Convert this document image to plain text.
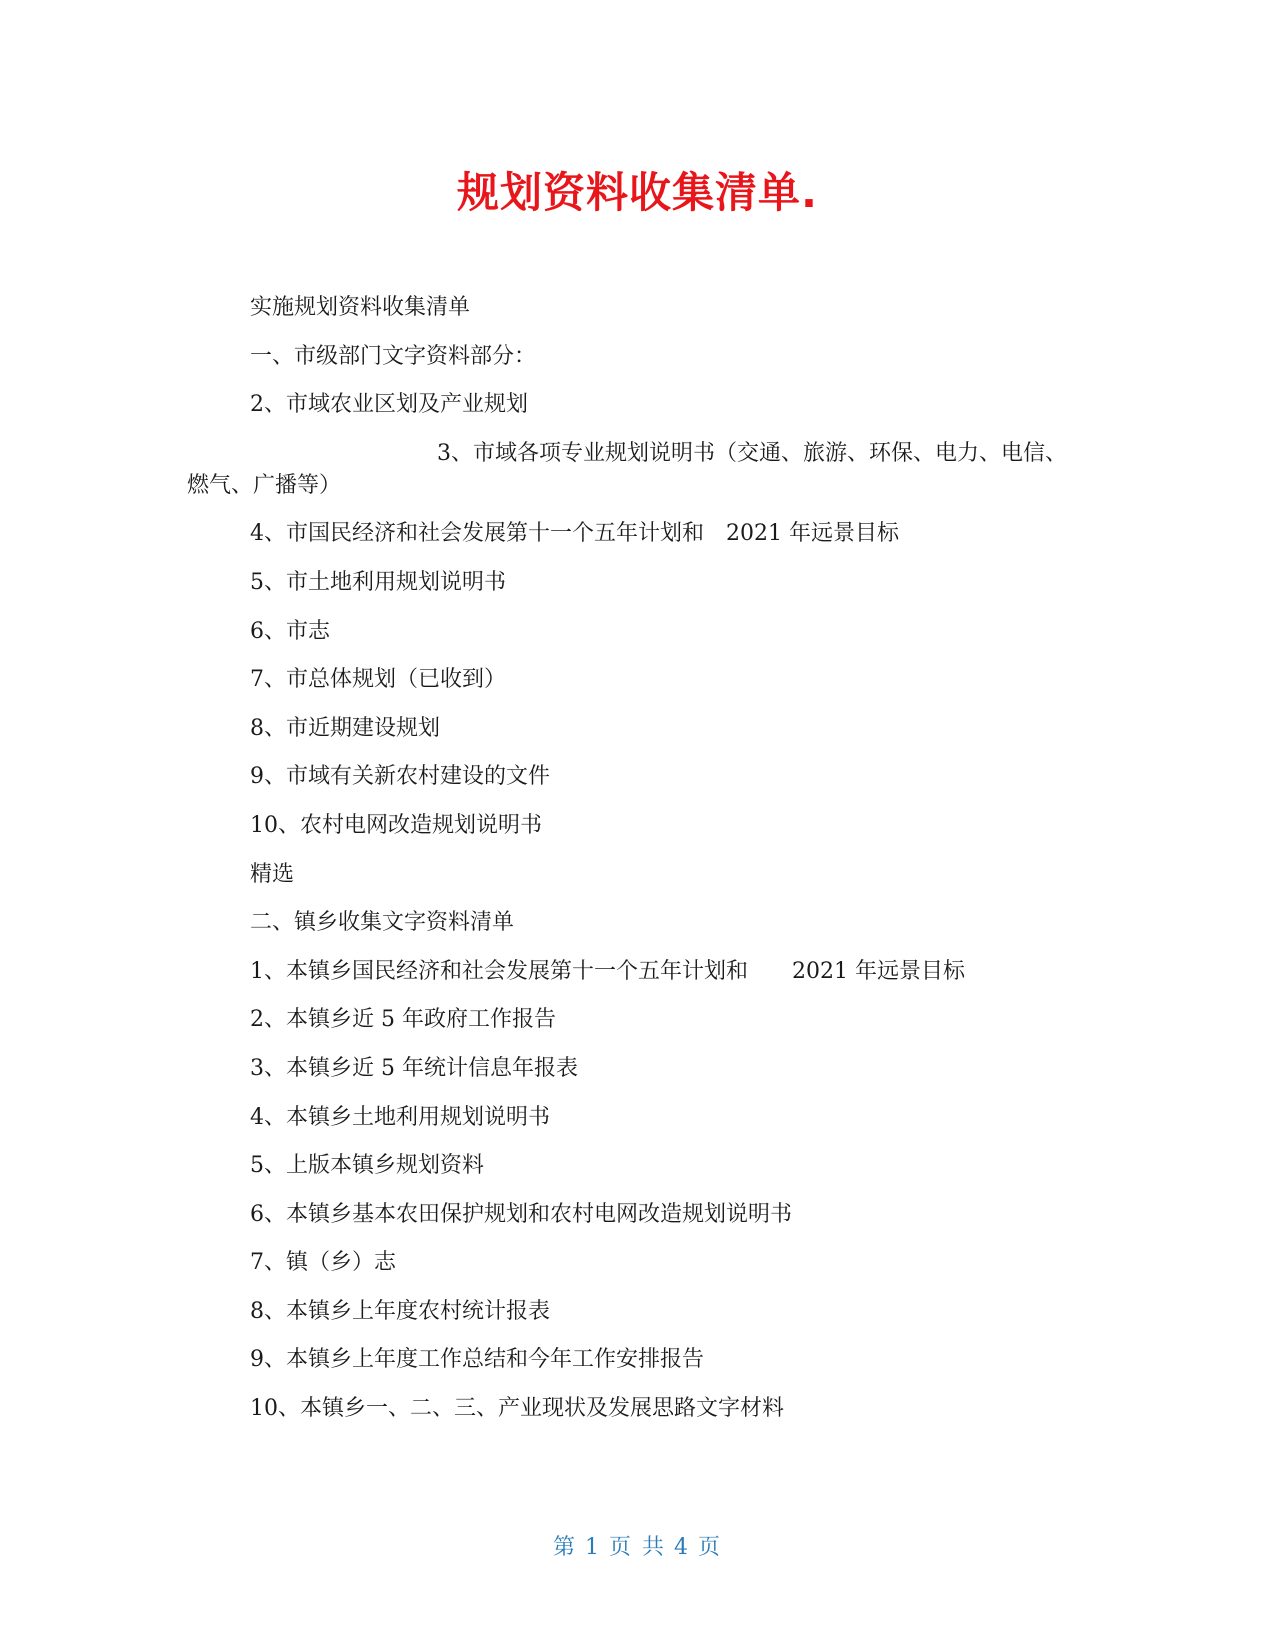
规划资料收集清单.
实施规划资料收集清单
一、市级部门文字资料部分：
2、市域农业区划及产业规划
3、市域各项专业规划说明书（交通、旅游、环保、电力、电信、燃气、广播等）
4、市国民经济和社会发展第十一个五年计划和　2021 年远景目标
5、市土地利用规划说明书
6、市志
7、市总体规划（已收到）
8、市近期建设规划
9、市域有关新农村建设的文件
10、农村电网改造规划说明书
精选
二、镇乡收集文字资料清单
1、本镇乡国民经济和社会发展第十一个五年计划和　　2021 年远景目标
2、本镇乡近 5 年政府工作报告
3、本镇乡近 5 年统计信息年报表
4、本镇乡土地利用规划说明书
5、上版本镇乡规划资料
6、本镇乡基本农田保护规划和农村电网改造规划说明书
7、镇（乡）志
8、本镇乡上年度农村统计报表
9、本镇乡上年度工作总结和今年工作安排报告
10、本镇乡一、二、三、产业现状及发展思路文字材料
第 1 页 共 4 页
